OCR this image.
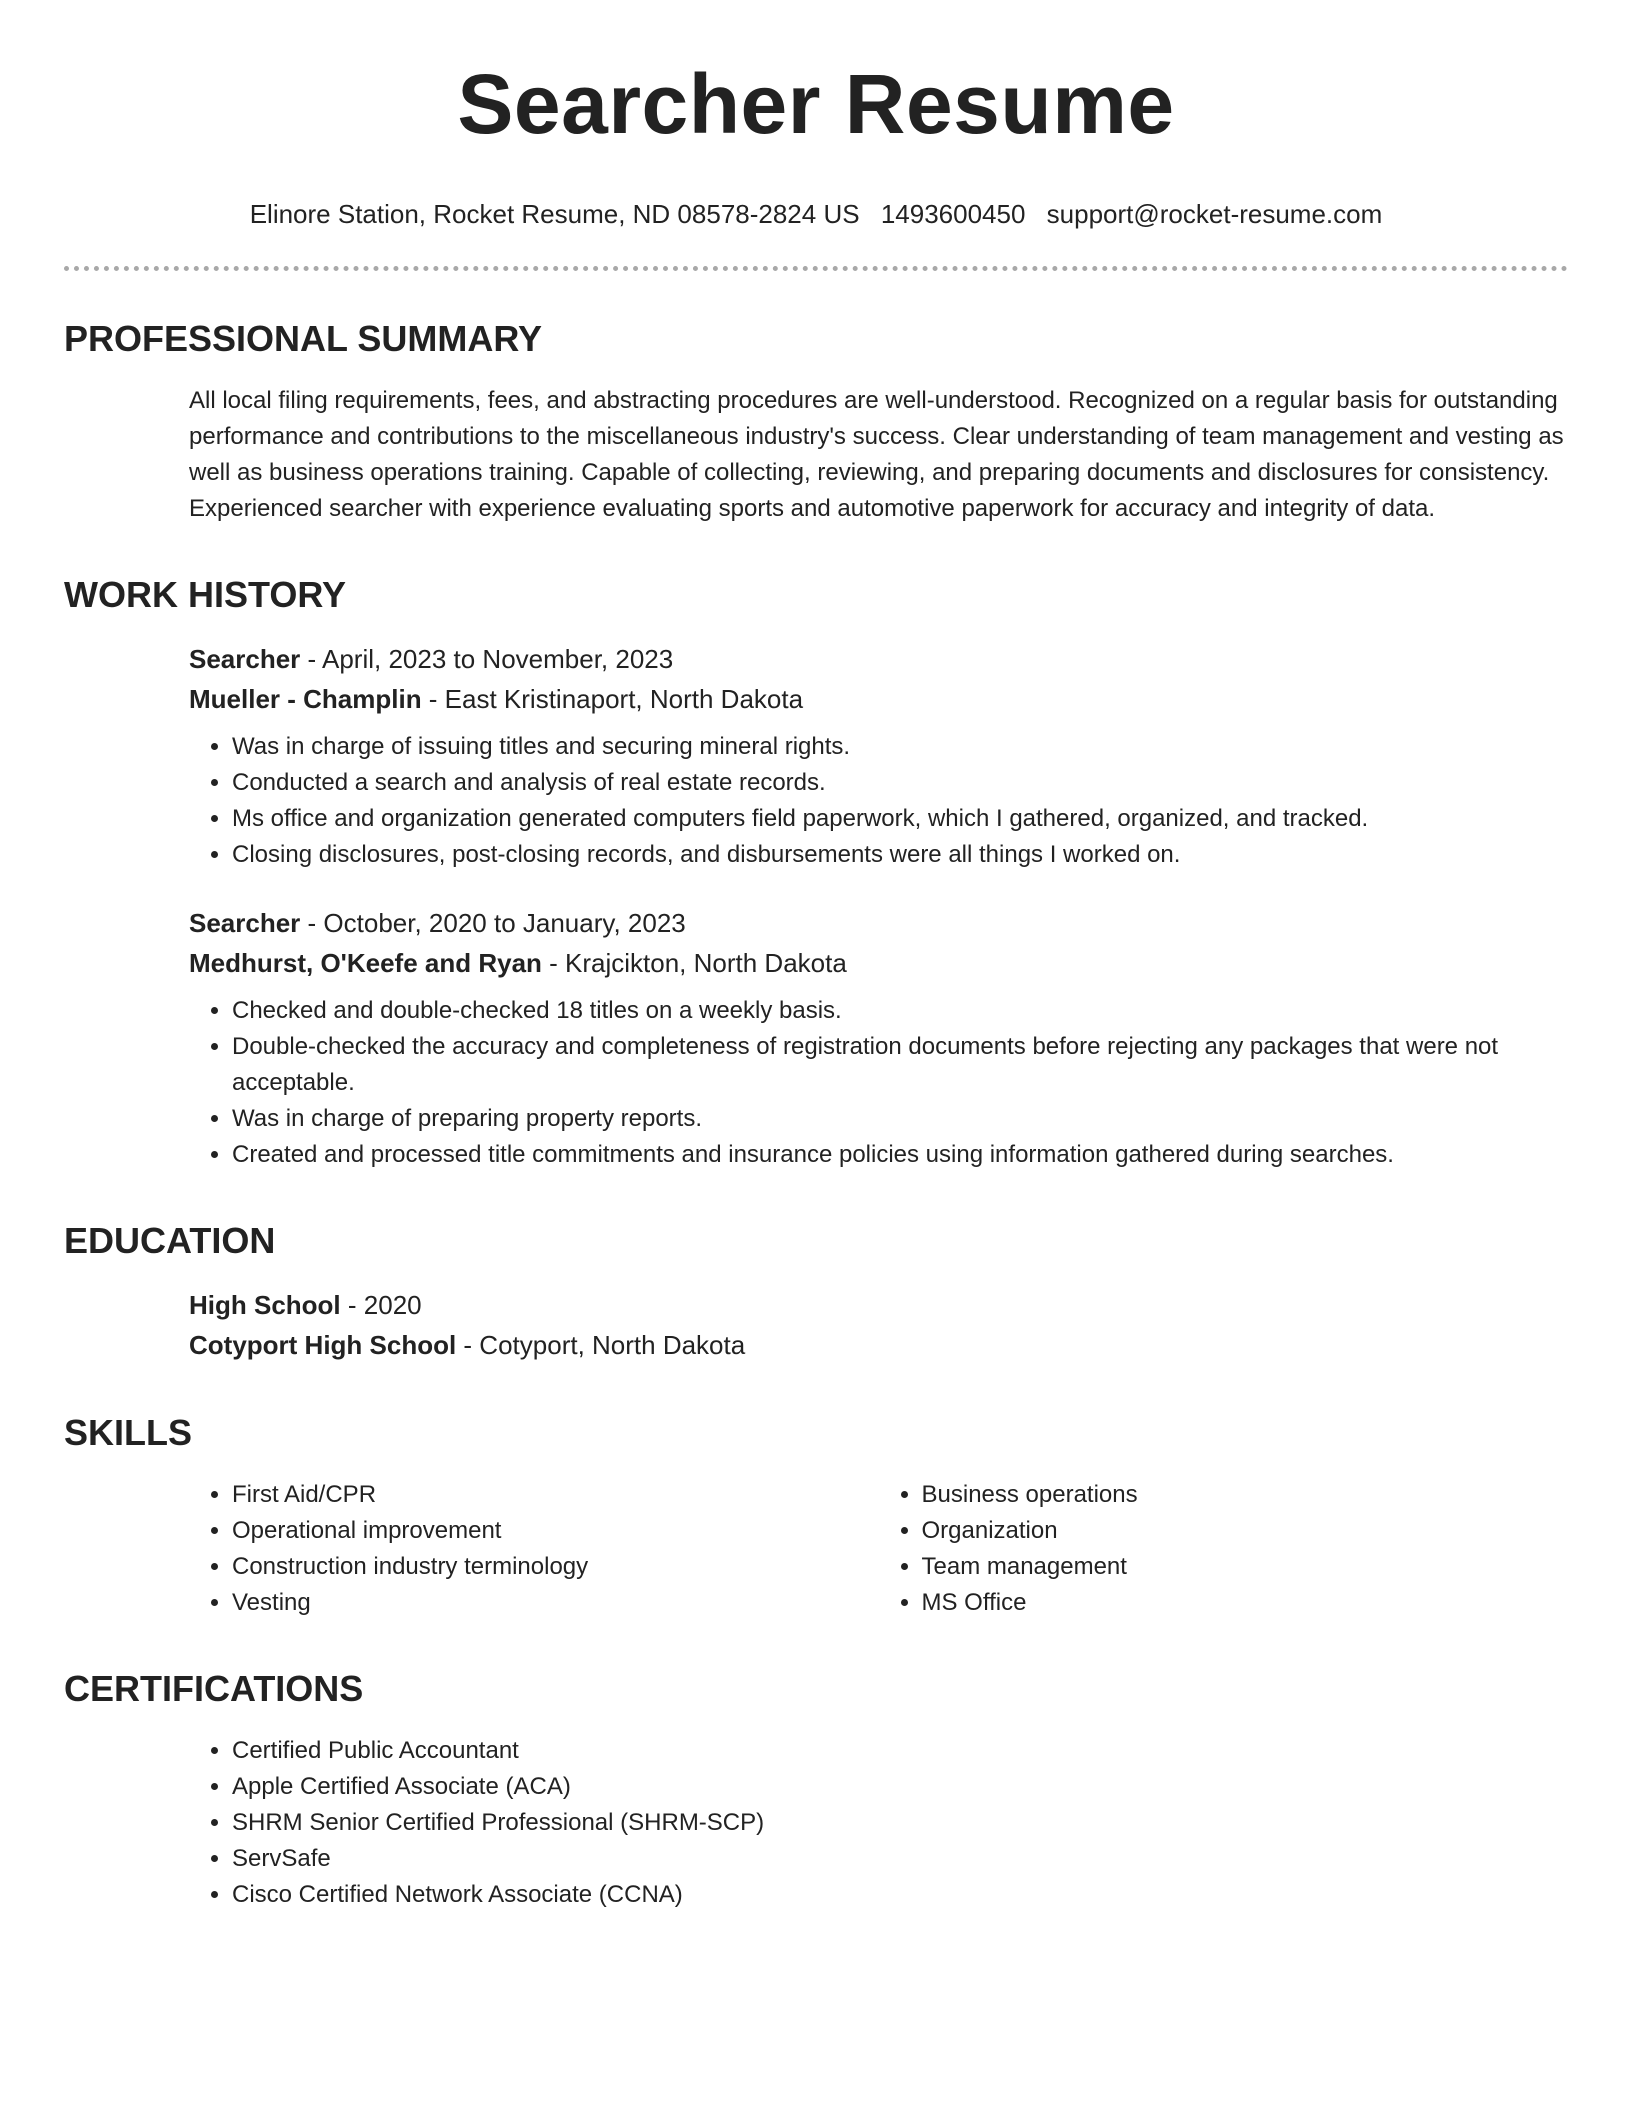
Searcher Resume
Elinore Station, Rocket Resume, ND 08578-2824 US 1493600450 support@rocket-resume.com
PROFESSIONAL SUMMARY

All local filing requirements, fees, and abstracting procedures are well-understood. Recognized on a regular basis for outstanding performance and contributions to the miscellaneous industry's success. Clear understanding of team management and vesting as well as business operations training. Capable of collecting, reviewing, and preparing documents and disclosures for consistency. Experienced searcher with experience evaluating sports and automotive paperwork for accuracy and integrity of data.

WORK HISTORY
Searcher - April, 2023 to November, 2023
Mueller - Champlin - East Kristinaport, North Dakota
• Was in charge of issuing titles and securing mineral rights.
• Conducted a search and analysis of real estate records.
• Ms office and organization generated computers field paperwork, which I gathered, organized, and tracked.
• Closing disclosures, post-closing records, and disbursements were all things I worked on.
Searcher - October, 2020 to January, 2023
Medhurst, O'Keefe and Ryan - Krajcikton, North Dakota
• Checked and double-checked 18 titles on a weekly basis.
• Double-checked the accuracy and completeness of registration documents before rejecting any packages that were not acceptable.
• Was in charge of preparing property reports.
• Created and processed title commitments and insurance policies using information gathered during searches.
EDUCATION
High School - 2020
Cotyport High School - Cotyport, North Dakota
SKILLS
• First Aid/CPR
• Operational improvement
• Construction industry terminology
• Vesting
• Business operations
• Organization
• Team management
• MS Office
CERTIFICATIONS
• Certified Public Accountant
• Apple Certified Associate (ACA)
• SHRM Senior Certified Professional (SHRM-SCP)
• ServSafe
• Cisco Certified Network Associate (CCNA)
